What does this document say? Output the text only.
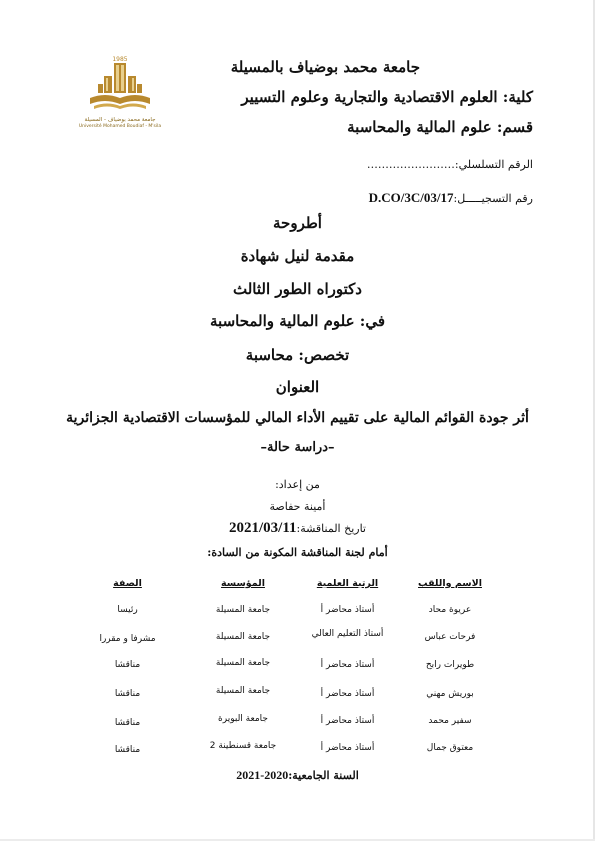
1985
جامعة محمد بوضياف - المسيلة
Université Mohamed Boudiaf - M'sila
جامعة محمد بوضياف بالمسيلة
كلية: العلوم الاقتصادية والتجارية وعلوم التسيير
قسم: علوم المالية والمحاسبة
الرقم التسلسلي:……………………
رقم التسجيـــــل:D.CO/3C/03/17
أطروحة
مقدمة لنيل شهادة
دكتوراه الطور الثالث
في: علوم المالية والمحاسبة
تخصص: محاسبة
العنوان
أثر جودة القوائم المالية على تقييم الأداء المالي للمؤسسات الاقتصادية الجزائرية
–دراسة حالة–
من إعداد:
أمينة حفاصة
تاريخ المناقشة:2021/03/11
أمام لجنة المناقشة المكونة من السادة:
الاسم واللقب
الرتبة العلمية
المؤسسة
الصفة
عريوة محاد
أستاذ محاضر أ
جامعة المسيلة
رئيسا
فرحات عباس
أستاذ التعليم العالي
جامعة المسيلة
مشرفا و مقررا
طويرات رابح
أستاذ محاضر أ
جامعة المسيلة
مناقشا
بوريش مهني
أستاذ محاضر أ
جامعة المسيلة
مناقشا
سفير محمد
أستاذ محاضر أ
جامعة البويرة
مناقشا
معتوق جمال
أستاذ محاضر أ
جامعة قسنطينة 2
مناقشا
السنة الجامعية:2020-2021
